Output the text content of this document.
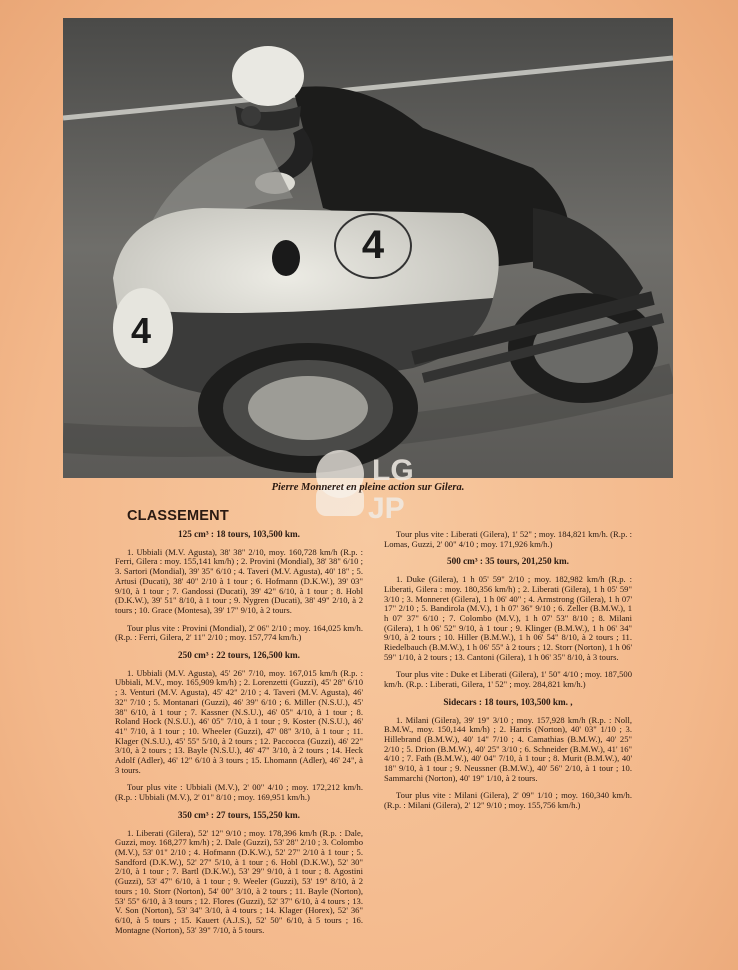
4
4
LG
JP
Pierre Monneret en pleine action sur Gilera.
CLASSEMENT
125 cm³ : 18 tours, 103,500 km.
1. Ubbiali (M.V. Agusta), 38' 38" 2/10, moy. 160,728 km/h (R.p. : Ferri, Gilera : moy. 155,141 km/h) ; 2. Provini (Mondial), 38' 38" 6/10 ; 3. Sartori (Mondial), 39' 35" 6/10 ; 4. Taveri (M.V. Agusta), 40' 18" ; 5. Artusi (Ducati), 38' 40" 2/10 à 1 tour ; 6. Hofmann (D.K.W.), 39' 03" 9/10, à 1 tour ; 7. Gandossi (Ducati), 39' 42" 6/10, à 1 tour ; 8. Hobl (D.K.W.), 39' 51" 8/10, à 1 tour ; 9. Nygren (Ducati), 38' 49" 2/10, à 2 tours ; 10. Grace (Montesa), 39' 17" 9/10, à 2 tours.
Tour plus vite : Provini (Mondial), 2' 06" 2/10 ; moy. 164,025 km/h. (R.p. : Ferri, Gilera, 2' 11" 2/10 ; moy. 157,774 km/h.)
250 cm³ : 22 tours, 126,500 km.
1. Ubbiali (M.V. Agusta), 45' 26" 7/10, moy. 167,015 km/h (R.p. : Ubbiali, M.V., moy. 165,909 km/h) ; 2. Lorenzetti (Guzzi), 45' 28" 6/10 ; 3. Venturi (M.V. Agusta), 45' 42" 2/10 ; 4. Taveri (M.V. Agusta), 46' 32" 7/10 ; 5. Montanari (Guzzi), 46' 39" 6/10 ; 6. Miller (N.S.U.), 45' 38" 6/10, à 1 tour ; 7. Kassner (N.S.U.), 46' 05" 4/10, à 1 tour ; 8. Roland Hock (N.S.U.), 46' 05" 7/10, à 1 tour ; 9. Koster (N.S.U.), 46' 41" 7/10, à 1 tour ; 10. Wheeler (Guzzi), 47' 08" 3/10, à 1 tour ; 11. Klager (N.S.U.), 45' 55" 5/10, à 2 tours ; 12. Paccocca (Guzzi), 46' 22" 3/10, à 2 tours ; 13. Bayle (N.S.U.), 46' 47" 3/10, à 2 tours ; 14. Heck Adolf (Adler), 46' 12" 6/10 à 3 tours ; 15. Lhomann (Adler), 46' 24", à 3 tours.
Tour plus vite : Ubbiali (M.V.), 2' 00" 4/10 ; moy. 172,212 km/h. (R.p. : Ubbiali (M.V.), 2' 01" 8/10 ; moy. 169,951 km/h.)
350 cm³ : 27 tours, 155,250 km.
1. Liberati (Gilera), 52' 12" 9/10 ; moy. 178,396 km/h (R.p. : Dale, Guzzi, moy. 168,277 km/h) ; 2. Dale (Guzzi), 53' 28" 2/10 ; 3. Colombo (M.V.), 53' 01" 2/10 ; 4. Hofmann (D.K.W.), 52' 27" 2/10 à 1 tour ; 5. Sandford (D.K.W.), 52' 27" 5/10, à 1 tour ; 6. Hobl (D.K.W.), 52' 30" 2/10, à 1 tour ; 7. Bartl (D.K.W.), 53' 29" 9/10, à 1 tour ; 8. Agostini (Guzzi), 53' 47" 6/10, à 1 tour ; 9. Weeler (Guzzi), 53' 19" 8/10, à 2 tours ; 10. Storr (Norton), 54' 00" 3/10, à 2 tours ; 11. Bayle (Norton), 53' 55" 6/10, à 3 tours ; 12. Flores (Guzzi), 52' 37" 6/10, à 4 tours ; 13. V. Son (Norton), 53' 34" 3/10, à 4 tours ; 14. Klager (Horex), 52' 36" 6/10, à 5 tours ; 15. Kauert (A.J.S.), 52' 50" 6/10, à 5 tours ; 16. Montagne (Norton), 53' 39" 7/10, à 5 tours.
Tour plus vite : Liberati (Gilera), 1' 52" ; moy. 184,821 km/h. (R.p. : Lomas, Guzzi, 2' 00" 4/10 ; moy. 171,926 km/h.)
500 cm³ : 35 tours, 201,250 km.
1. Duke (Gilera), 1 h 05' 59" 2/10 ; moy. 182,982 km/h (R.p. : Liberati, Gilera : moy. 180,356 km/h) ; 2. Liberati (Gilera), 1 h 05' 59" 3/10 ; 3. Monneret (Gilera), 1 h 06' 40" ; 4. Armstrong (Gilera), 1 h 07' 17" 2/10 ; 5. Bandirola (M.V.), 1 h 07' 36" 9/10 ; 6. Zeller (B.M.W.), 1 h 07' 37" 6/10 ; 7. Colombo (M.V.), 1 h 07' 53" 8/10 ; 8. Milani (Gilera), 1 h 06' 52" 9/10, à 1 tour ; 9. Klinger (B.M.W.), 1 h 06' 34" 9/10, à 2 tours ; 10. Hiller (B.M.W.), 1 h 06' 54" 8/10, à 2 tours ; 11. Riedelbauch (B.M.W.), 1 h 06' 55" à 2 tours ; 12. Storr (Norton), 1 h 06' 59" 1/10, à 2 tours ; 13. Cantoni (Gilera), 1 h 06' 35" 8/10, à 3 tours.
Tour plus vite : Duke et Liberati (Gilera), 1' 50" 4/10 ; moy. 187,500 km/h. (R.p. : Liberati, Gilera, 1' 52" ; moy. 284,821 km/h.)
Sidecars : 18 tours, 103,500 km. ,
1. Milani (Gilera), 39' 19" 3/10 ; moy. 157,928 km/h (R.p. : Noll, B.M.W., moy. 150,144 km/h) ; 2. Harris (Norton), 40' 03" 1/10 ; 3. Hillebrand (B.M.W.), 40' 14" 7/10 ; 4. Camathias (B.M.W.), 40' 25" 2/10 ; 5. Drion (B.M.W.), 40' 25" 3/10 ; 6. Schneider (B.M.W.), 41' 16" 4/10 ; 7. Fath (B.M.W.), 40' 04" 7/10, à 1 tour ; 8. Murit (B.M.W.), 40' 18" 9/10, à 1 tour ; 9. Neussner (B.M.W.), 40' 56" 2/10, à 1 tour ; 10. Sammarchi (Norton), 40' 19" 1/10, à 2 tours.
Tour plus vite : Milani (Gilera), 2' 09" 1/10 ; moy. 160,340 km/h. (R.p. : Milani (Gilera), 2' 12" 9/10 ; moy. 155,756 km/h.)
